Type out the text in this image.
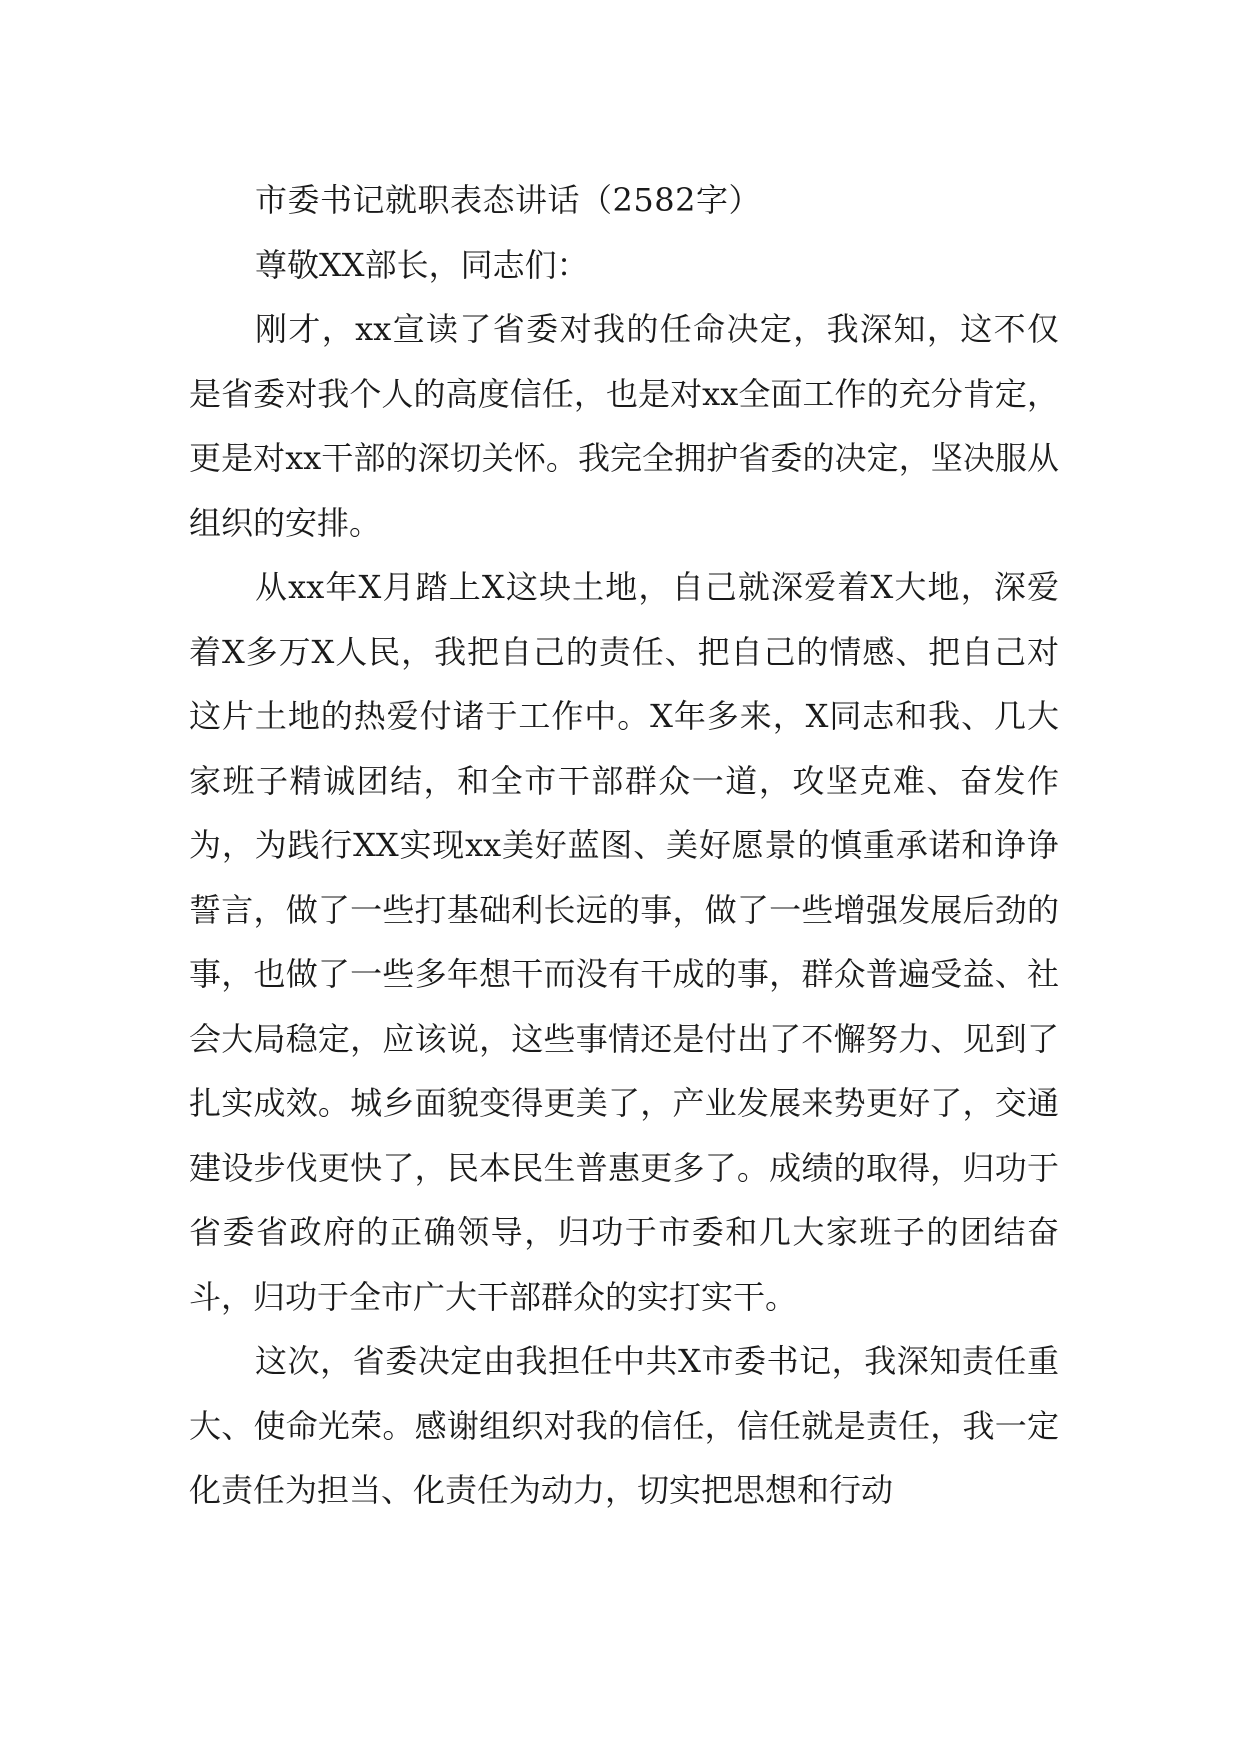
市委书记就职表态讲话（2582字）

尊敬XX部长，同志们：

刚才，xx宣读了省委对我的任命决定，我深知，这不仅是省委对我个人的高度信任，也是对xx全面工作的充分肯定，更是对xx干部的深切关怀。我完全拥护省委的决定，坚决服从组织的安排。

从xx年X月踏上X这块土地，自己就深爱着X大地，深爱着X多万X人民，我把自己的责任、把自己的情感、把自己对这片土地的热爱付诸于工作中。X年多来，X同志和我、几大家班子精诚团结，和全市干部群众一道，攻坚克难、奋发作为，为践行XX实现xx美好蓝图、美好愿景的慎重承诺和诤诤誓言，做了一些打基础利长远的事，做了一些增强发展后劲的事，也做了一些多年想干而没有干成的事，群众普遍受益、社会大局稳定，应该说，这些事情还是付出了不懈努力、见到了扎实成效。城乡面貌变得更美了，产业发展来势更好了，交通建设步伐更快了，民本民生普惠更多了。成绩的取得，归功于省委省政府的正确领导，归功于市委和几大家班子的团结奋斗，归功于全市广大干部群众的实打实干。

这次，省委决定由我担任中共X市委书记，我深知责任重大、使命光荣。感谢组织对我的信任，信任就是责任，我一定化责任为担当、化责任为动力，切实把思想和行动
